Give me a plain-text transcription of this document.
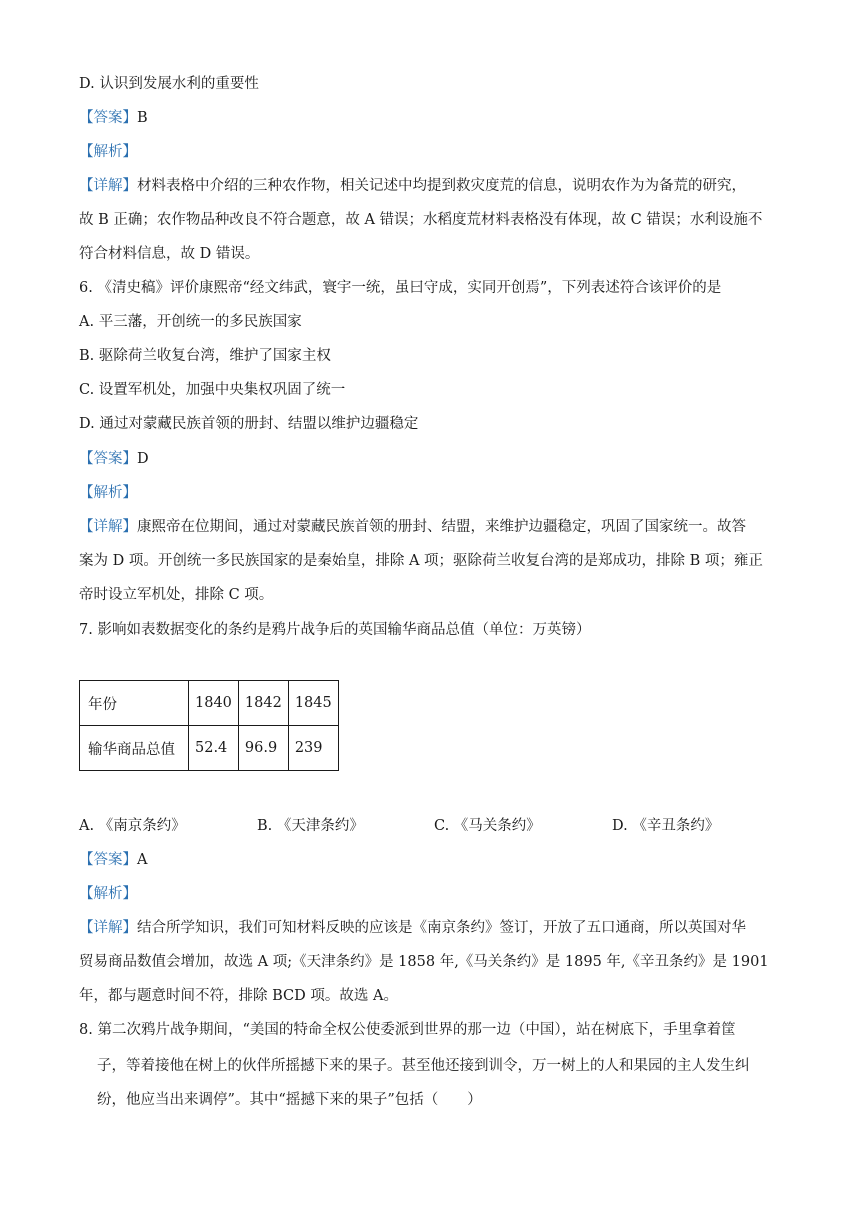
D. 认识到发展水利的重要性
【答案】B
【解析】
【详解】材料表格中介绍的三种农作物，相关记述中均提到救灾度荒的信息，说明农作为为备荒的研究，
故 B 正确；农作物品种改良不符合题意，故 A 错误；水稻度荒材料表格没有体现，故 C 错误；水利设施不
符合材料信息，故 D 错误。
6. 《清史稿》评价康熙帝“经文纬武，寰宇一统，虽曰守成，实同开创焉”，下列表述符合该评价的是
A. 平三藩，开创统一的多民族国家
B. 驱除荷兰收复台湾，维护了国家主权
C. 设置军机处，加强中央集权巩固了统一
D. 通过对蒙藏民族首领的册封、结盟以维护边疆稳定
【答案】D
【解析】
【详解】康熙帝在位期间，通过对蒙藏民族首领的册封、结盟，来维护边疆稳定，巩固了国家统一。故答
案为 D 项。开创统一多民族国家的是秦始皇，排除 A 项；驱除荷兰收复台湾的是郑成功，排除 B 项；雍正
帝时设立军机处，排除 C 项。
7. 影响如表数据变化的条约是鸦片战争后的英国输华商品总值（单位：万英镑）
年份	1840	1842	1845
输华商品总值	52.4	96.9	239
A. 《南京条约》	B. 《天津条约》	C. 《马关条约》	D. 《辛丑条约》
【答案】A
【解析】
【详解】结合所学知识，我们可知材料反映的应该是《南京条约》签订，开放了五口通商，所以英国对华
贸易商品数值会增加，故选 A 项;《天津条约》是 1858 年,《马关条约》是 1895 年,《辛丑条约》是 1901
年，都与题意时间不符，排除 BCD 项。故选 A。
8. 第二次鸦片战争期间，“美国的特命全权公使委派到世界的那一边（中国），站在树底下，手里拿着筐
子，等着接他在树上的伙伴所摇撼下来的果子。甚至他还接到训令，万一树上的人和果园的主人发生纠
纷，他应当出来调停”。其中“摇撼下来的果子”包括（　　）
